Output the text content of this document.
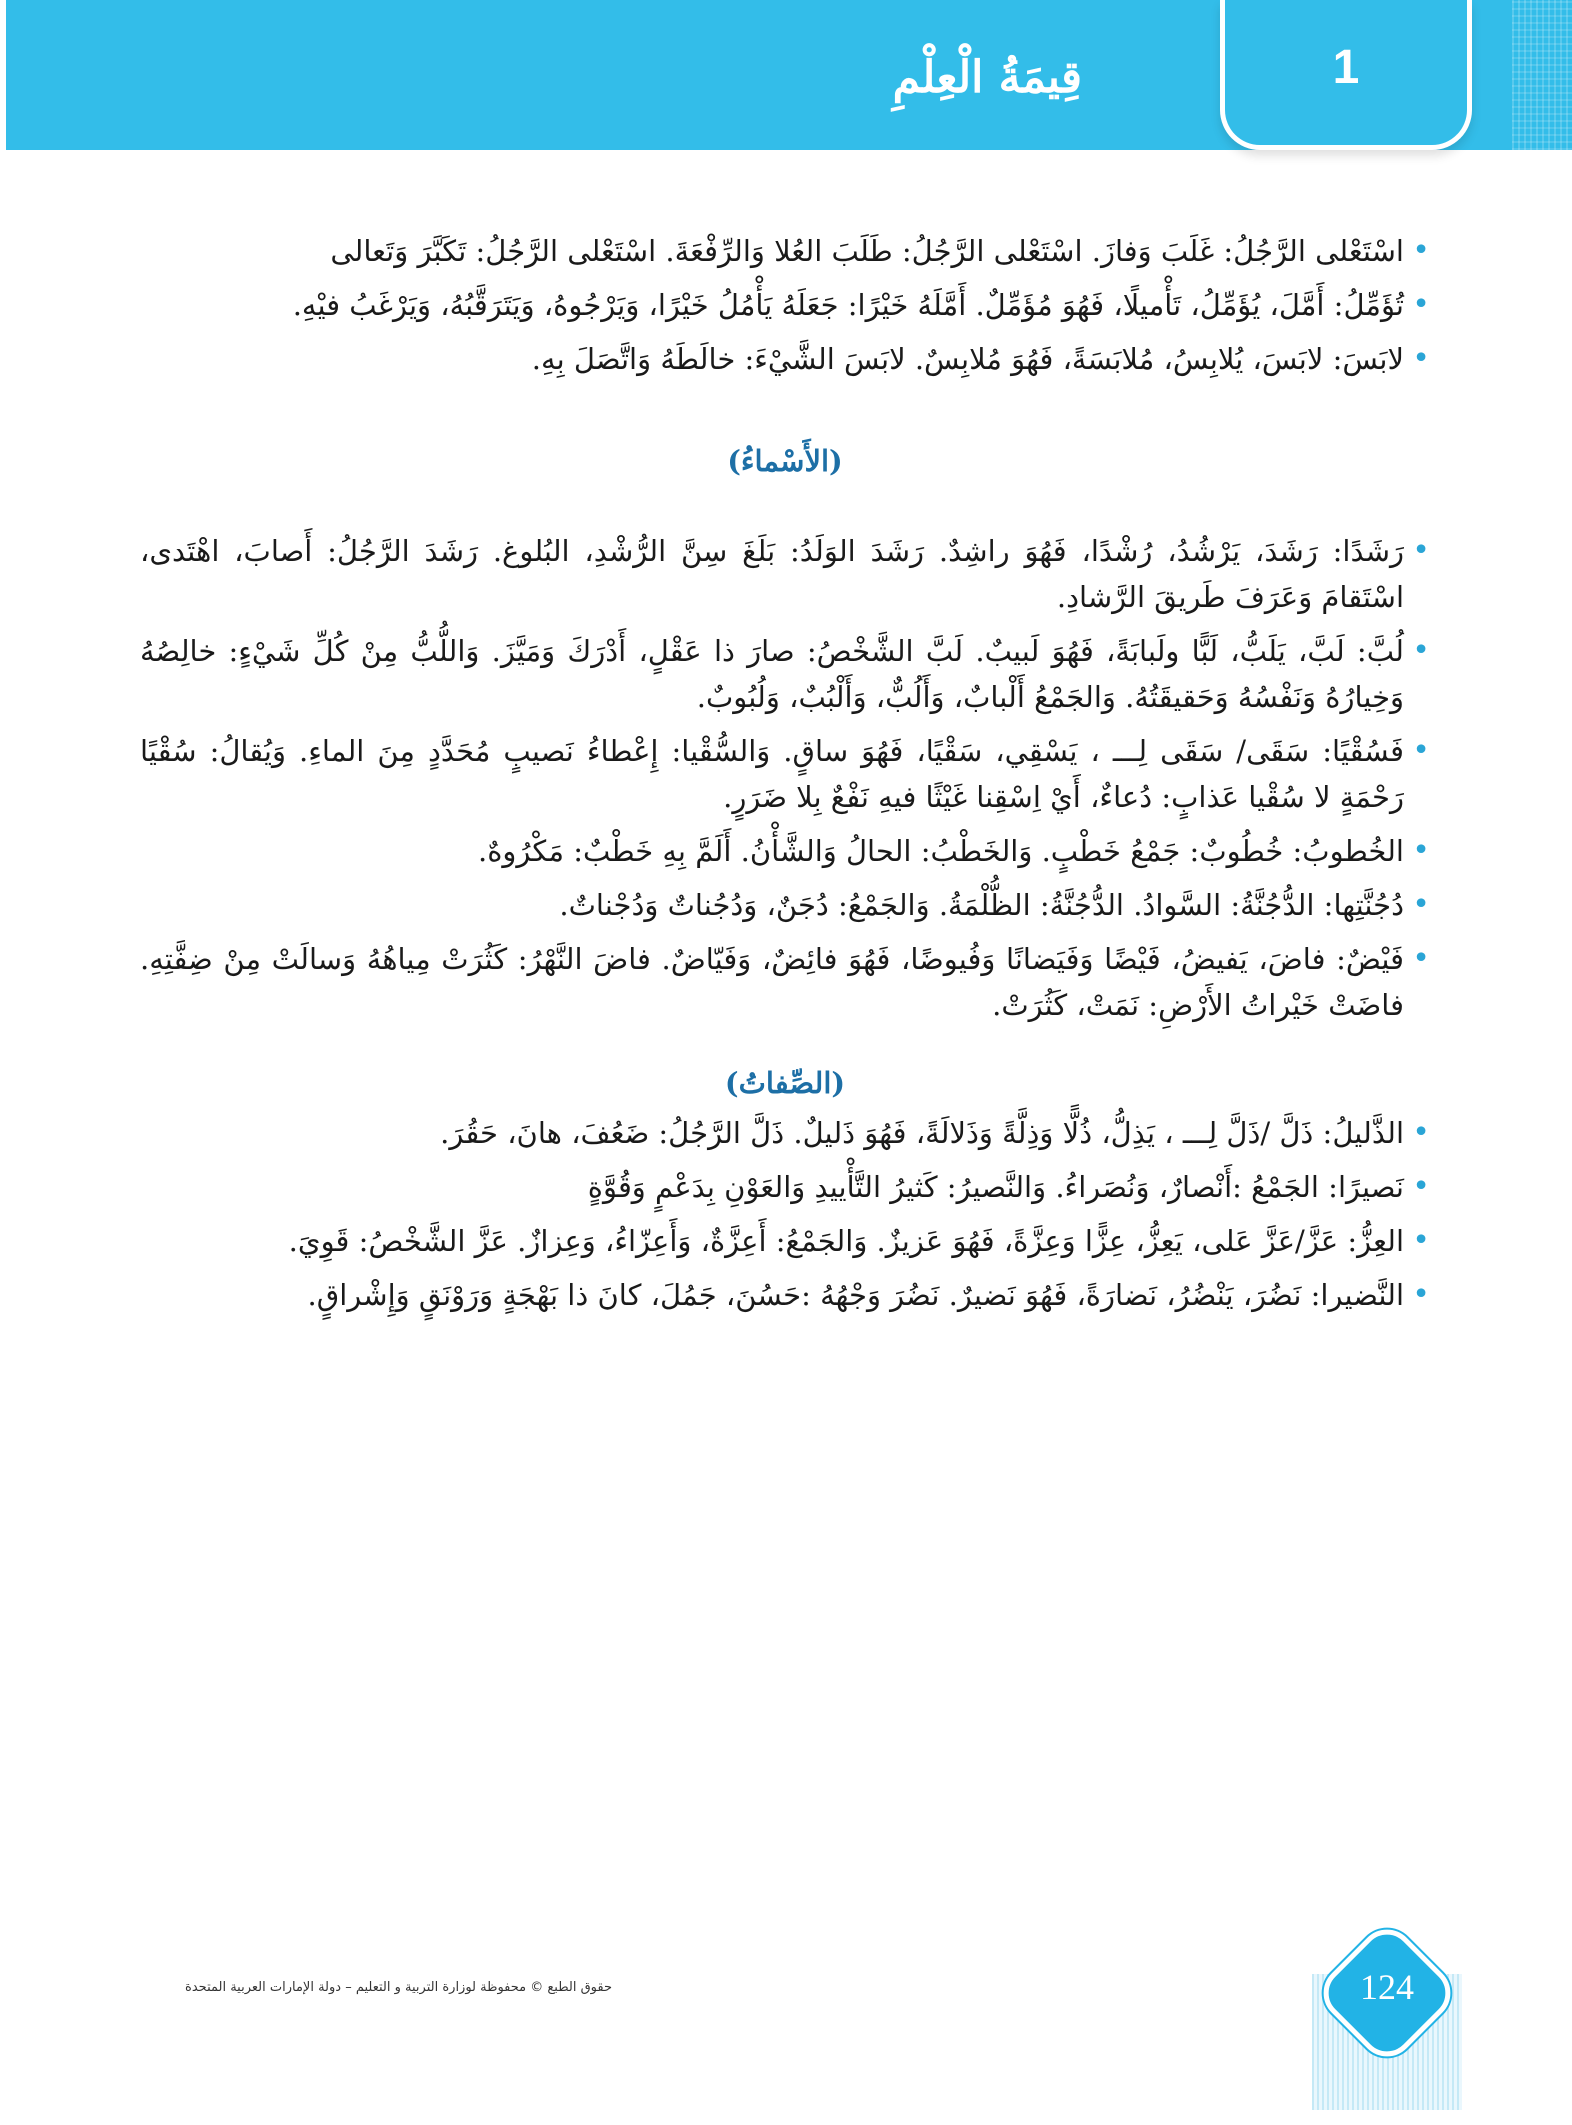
قِيمَةُ الْعِلْمِ	1

•
اسْتَعْلى الرَّجُلُ: غَلَبَ وَفازَ. اسْتَعْلى الرَّجُلُ: طَلَبَ العُلا وَالرِّفْعَةَ. اسْتَعْلى الرَّجُلُ: تَكَبَّرَ وَتَعالى

•
تُؤَمِّلُ: أَمَّلَ، يُؤَمِّلُ، تَأْميلًا، فَهُوَ مُؤَمِّلٌ. أَمَّلَهُ خَيْرًا: جَعَلَهُ يَأْمُلُ خَيْرًا، وَيَرْجُوهُ، وَيَتَرَقَّبُهُ، وَيَرْغَبُ فيْهِ.

•
لابَسَ: لابَسَ، يُلابِسُ، مُلابَسَةً، فَهُوَ مُلابِسٌ. لابَسَ الشَّيْءَ: خالَطَهُ وَاتَّصَلَ بِهِ.

(الأَسْماءُ)

•
رَشَدًا: رَشَدَ، يَرْشُدُ، رُشْدًا، فَهُوَ راشِدٌ. رَشَدَ الوَلَدُ: بَلَغَ سِنَّ الرُّشْدِ، البُلوغ. رَشَدَ الرَّجُلُ: أَصابَ، اهْتَدى، اسْتَقامَ وَعَرَفَ طَريقَ الرَّشادِ.

•
لُبَّ: لَبَّ، يَلَبُّ، لَبًّا ولَبابَةً، فَهُوَ لَبيبٌ. لَبَّ الشَّخْصُ: صارَ ذا عَقْلٍ، أَدْرَكَ وَمَيَّزَ. وَاللُّبُّ مِنْ كُلِّ شَيْءٍ: خالِصُهُ وَخِيارُهُ وَنَفْسُهُ وَحَقيقَتُهُ. وَالجَمْعُ أَلْبابٌ، وَأَلُبٌّ، وَأَلْبُبٌ، وَلُبُوبٌ.

•
فَسُقْيًا: سَقَى/ سَقَى لِـــ ، يَسْقِي، سَقْيًا، فَهُوَ ساقٍ. وَالسُّقْيا: إِعْطاءُ نَصيبٍ مُحَدَّدٍ مِنَ الماءِ. وَيُقالُ: سُقْيًا رَحْمَةٍ لا سُقْيا عَذابٍ: دُعاءٌ، أَيْ اِسْقِنا غَيْثًا فيهِ نَفْعٌ بِلا ضَرَرٍ.

•
الخُطوبُ: خُطُوبٌ: جَمْعُ خَطْبٍ. وَالخَطْبُ: الحالُ وَالشَّأْنُ. أَلَمَّ بِهِ خَطْبٌ: مَكْرُوهٌ.

•
دُجُنَّتِها: الدُّجُنَّةُ: السَّوادُ. الدُّجُنَّةُ: الظُّلْمَةُ. وَالجَمْعُ: دُجَنٌ، وَدُجُناتٌ وَدُجْناتٌ.

•
فَيْضٌ: فاضَ، يَفيضُ، فَيْضًا وَفَيَضانًا وَفُيوضًا، فَهُوَ فائِضٌ، وَفَيّاضٌ. فاضَ النَّهْرُ: كَثُرَتْ مِياهُهُ وَسالَتْ مِنْ ضِفَّتِهِ. فاضَتْ خَيْراتُ الأَرْضِ: نَمَتْ، كَثُرَتْ.

(الصِّفاتُ)

•
الذَّليلُ: ذَلَّ /ذَلَّ لِـــ ، يَذِلُّ، ذُلًّا وَذِلَّةً وَذَلالَةً، فَهُوَ ذَليلٌ. ذَلَّ الرَّجُلُ: ضَعُفَ، هانَ، حَقُرَ.

•
نَصيرًا: الجَمْعُ :أَنْصارٌ، وَنُصَراءُ. وَالنَّصيرُ: كَثيرُ التَّأْييدِ وَالعَوْنِ بِدَعْمٍ وَقُوَّةٍ

•
العِزُّ: عَزَّ/عَزَّ عَلى، يَعِزُّ، عِزًّا وَعِزَّةً، فَهُوَ عَزيزٌ. وَالجَمْعُ: أَعِزَّةٌ، وَأَعِزّاءُ، وَعِزازٌ. عَزَّ الشَّخْصُ: قَوِيَ.

•
النَّضيرا: نَضُرَ، يَنْضُرُ، نَضارَةً، فَهُوَ نَضيرٌ. نَضُرَ وَجْهُهُ :حَسُنَ، جَمُلَ، كانَ ذا بَهْجَةٍ وَرَوْنَقٍ وَإِشْراقٍ.

حقوق الطبع © محفوظة لوزارة التربية و التعليم – دولة الإمارات العربية المتحدة	124
